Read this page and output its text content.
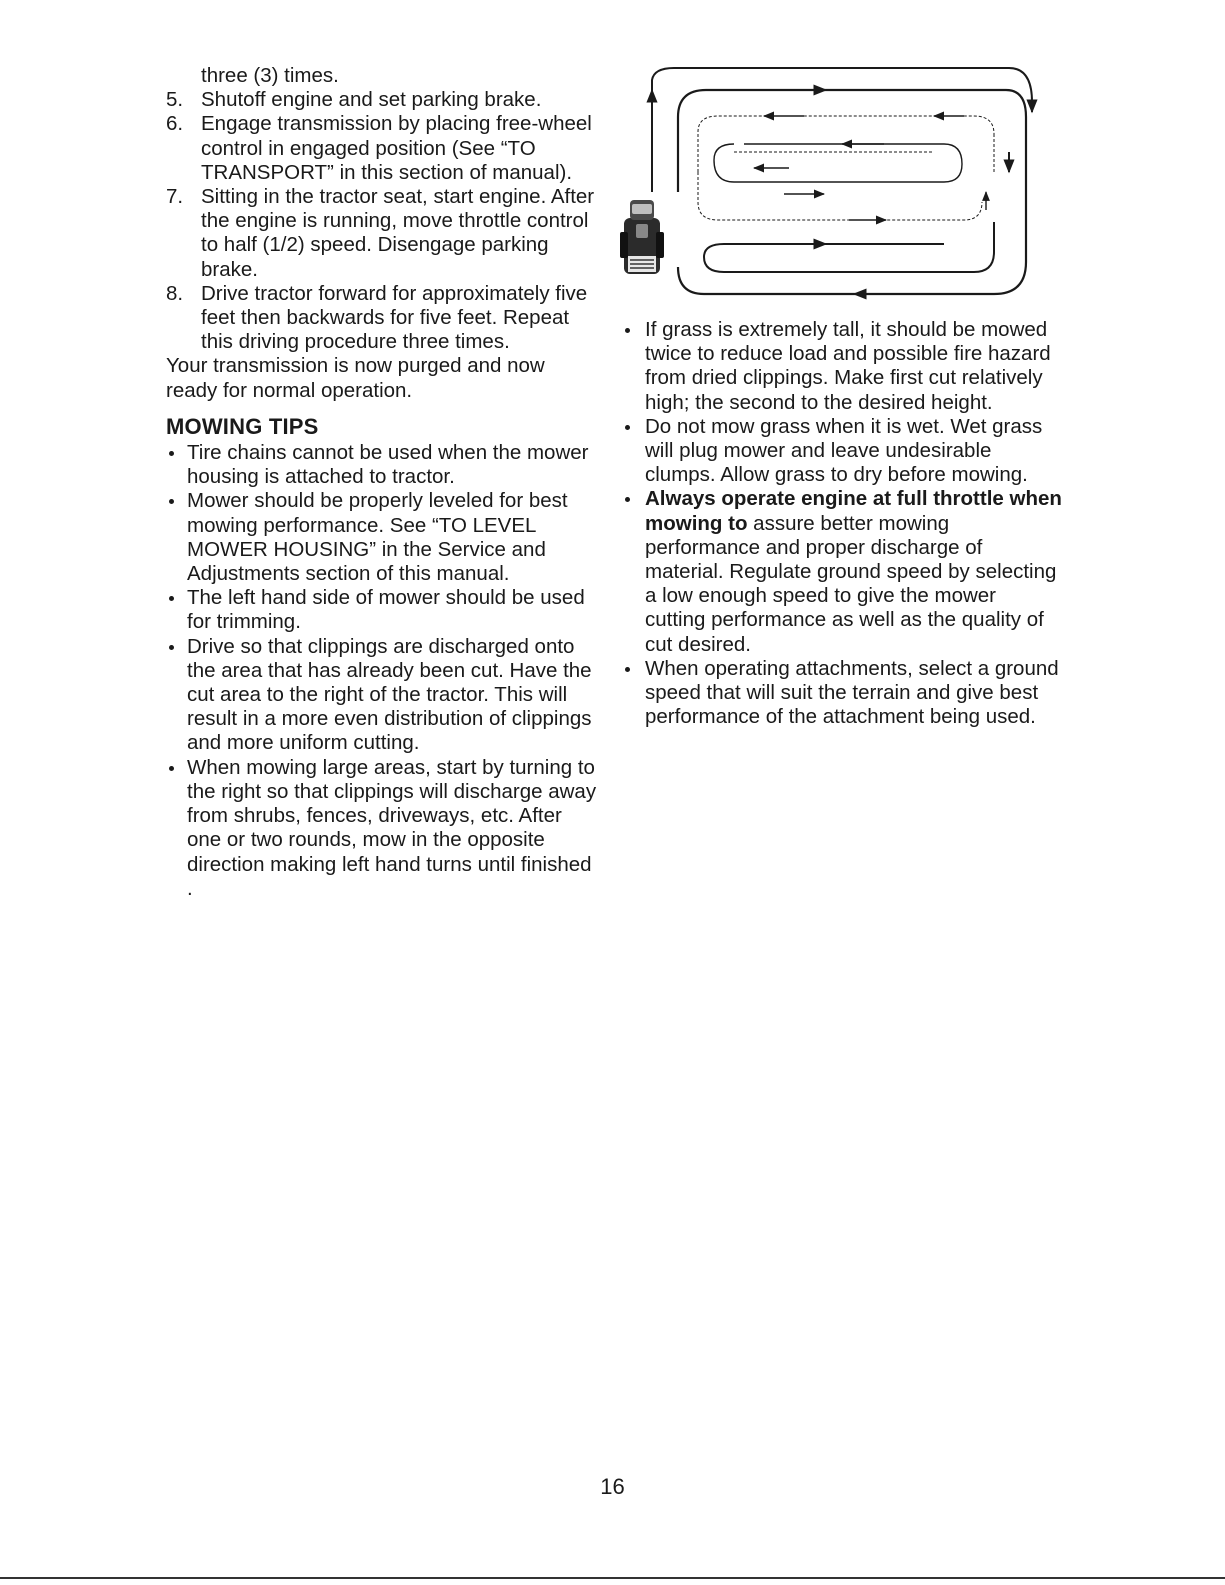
three (3) times.
5. Shutoff engine and set parking brake.
6. Engage transmission by placing free-wheel control in engaged position (See “TO TRANSPORT” in this section of manual).
7. Sitting in the tractor seat, start engine. After the engine is running, move throttle control to half (1/2) speed. Disengage parking brake.
8. Drive tractor forward for approximately five feet then backwards for five feet. Repeat this driving procedure three times.

Your transmission is now purged and now ready for normal operation.

MOWING TIPS
Tire chains cannot be used when the mower housing is attached to tractor.
Mower should be properly leveled for best mowing performance. See “TO LEVEL MOWER HOUSING” in the Service and Adjustments section of this manual.
The left hand side of mower should be used for trimming.
Drive so that clippings are discharged onto the area that has already been cut. Have the cut area to the right of the tractor. This will result in a more even distribution of clippings and more uniform cutting.
When mowing large areas, start by turning to the right so that clippings will discharge away from shrubs, fences, driveways, etc. After one or two rounds, mow in the opposite direction making left hand turns until finished .
If grass is extremely tall, it should be mowed twice to reduce load and possible fire hazard from dried clippings. Make first cut relatively high; the second to the desired height.
Do not mow grass when it is wet. Wet grass will plug mower and leave undesirable clumps. Allow grass to dry before mowing.
Always operate engine at full throttle when mowing to assure better mowing performance and proper discharge of material. Regulate ground speed by selecting a low enough speed to give the mower cutting performance as well as the quality of cut desired.
When operating attachments, select a ground speed that will suit the terrain and give best performance of the attachment being used.
16
